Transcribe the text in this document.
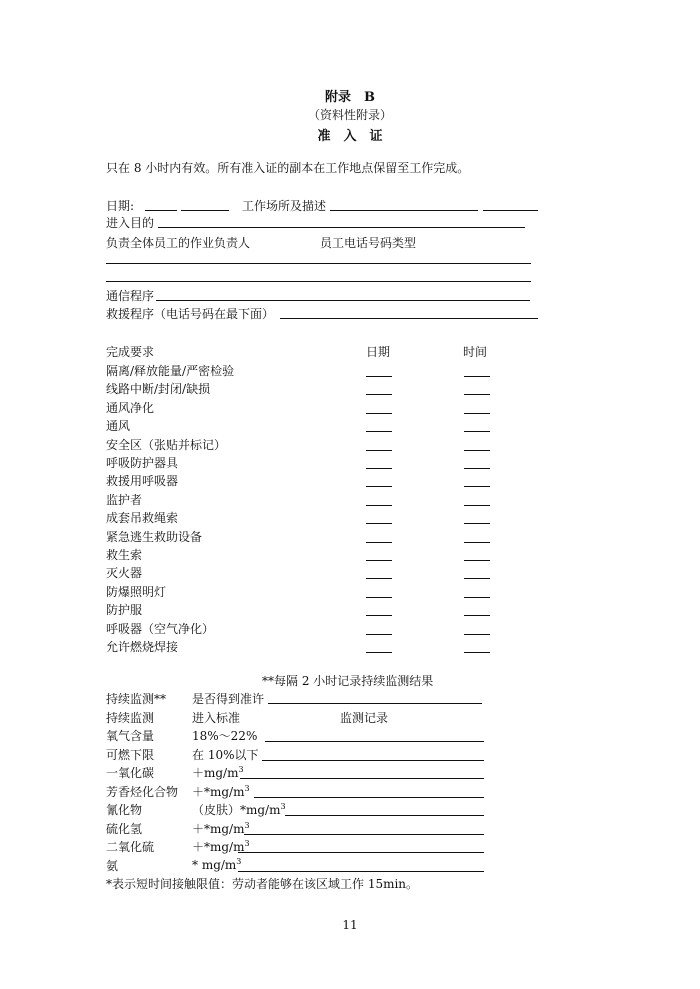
附录　B
（资料性附录）
准　入　证
只在 8 小时内有效。所有准入证的副本在工作地点保留至工作完成。
日期:	工作场所及描述
进入目的
负责全体员工的作业负责人	员工电话号码类型
通信程序
救援程序（电话号码在最下面）
完成要求	日期	时间
隔离/释放能量/严密检验
线路中断/封闭/缺损
通风净化
通风
安全区（张贴并标记）
呼吸防护器具
救援用呼吸器
监护者
成套吊救绳索
紧急逃生救助设备
救生索
灭火器
防爆照明灯
防护服
呼吸器（空气净化）
允许燃烧焊接
**每隔 2 小时记录持续监测结果
持续监测** 是否得到准许
持续监测	进入标准	监测记录
氧气含量	18%～22%
可燃下限	在 10%以下
一氧化碳	$+mg/m^3$
芳香烃化合物 $+*mg/m^3$
氰化物	（皮肤）$*mg/m^3$
硫化氢	$+*mg/m^3$
二氧化硫	$+*mg/m^3$
氨	* $mg/m^3$
*表示短时间接触限值：劳动者能够在该区域工作 15min。
11
